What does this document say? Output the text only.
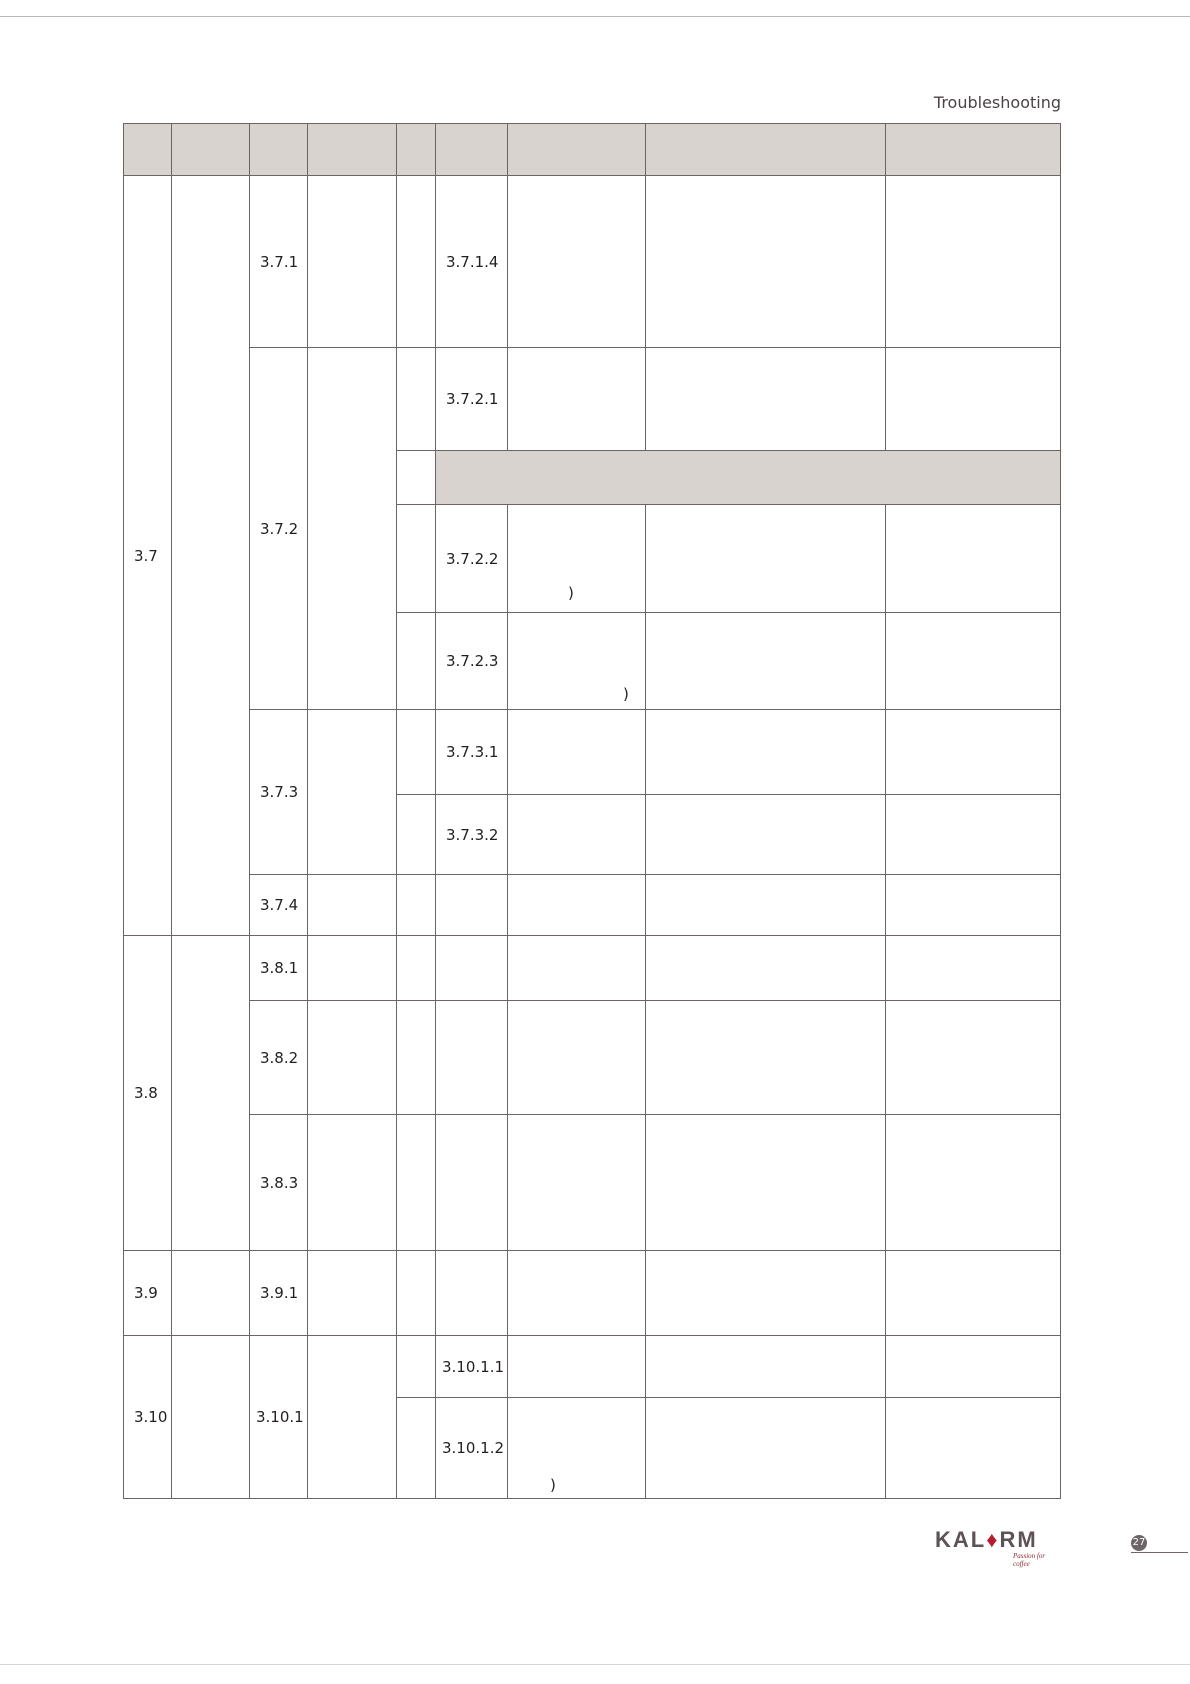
Troubleshooting

3.7		3.7.1			3.7.1.4			
		3.7.2			3.7.2.1			

					3.7.2.2	)		
					3.7.2.3	)		
		3.7.3			3.7.3.1			
					3.7.3.2			
		3.7.4						
3.8		3.8.1						
		3.8.2						
		3.8.3						
3.9		3.9.1						
3.10		3.10.1			3.10.1.1			
					3.10.1.2	)		
KAL♦RM
Passion for coffee
27
